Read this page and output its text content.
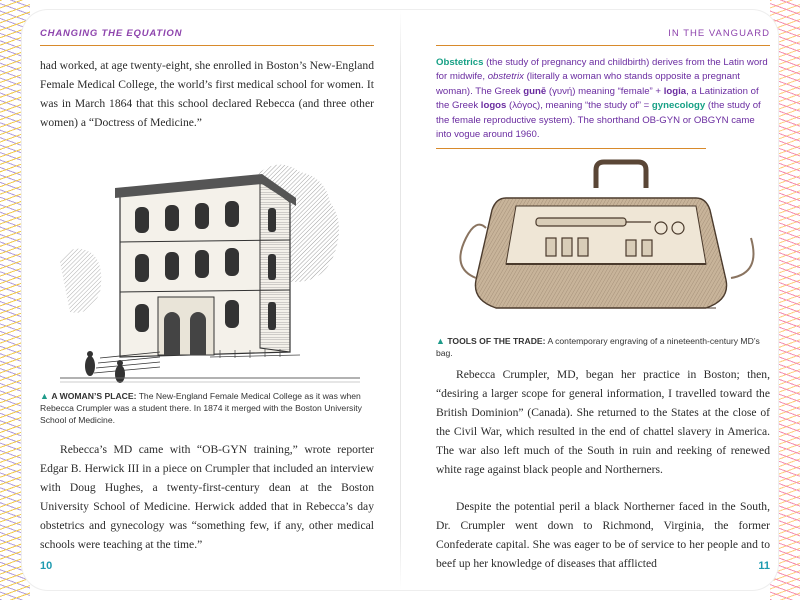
CHANGING THE EQUATION

had worked, at age twenty-eight, she enrolled in Boston’s New-England Female Medical College, the world’s first medical school for women. It was in March 1864 that this school declared Rebecca (and three other women) a “Doctress of Medicine.”

▲ A WOMAN’S PLACE: The New-England Female Medical College as it was when Rebecca Crumpler was a student there. In 1874 it merged with the Boston University School of Medicine.

Rebecca’s MD came with “OB-GYN training,” wrote reporter Edgar B. Herwick III in a piece on Crumpler that included an interview with Doug Hughes, a twenty-first-century dean at the Boston University School of Medicine. Herwick added that in Rebecca’s day obstetrics and gynecology was “something few, if any, other medical schools were teaching at the time.”

10
IN THE VANGUARD
Obstetrics (the study of pregnancy and childbirth) derives from the Latin word for midwife, obstetrix (literally a woman who stands opposite a pregnant woman). The Greek gunē (γυνή) meaning “female” + logia, a Latinization of the Greek logos (λόγος), meaning “the study of” = gynecology (the study of the female reproductive system). The shorthand OB-GYN or OBGYN came into vogue around 1960.
▲ TOOLS OF THE TRADE: A contemporary engraving of a nineteenth-century MD’s bag.

Rebecca Crumpler, MD, began her practice in Boston; then, “desiring a larger scope for general information, I travelled toward the British Dominion” (Canada). She returned to the States at the close of the Civil War, which resulted in the end of chattel slavery in America. The war also left much of the South in ruin and reeking of renewed white rage against black people and Northerners.

Despite the potential peril a black Northerner faced in the South, Dr. Crumpler went down to Richmond, Virginia, the former Confederate capital. She was eager to be of service to her people and to beef up her knowledge of diseases that afflicted	11
